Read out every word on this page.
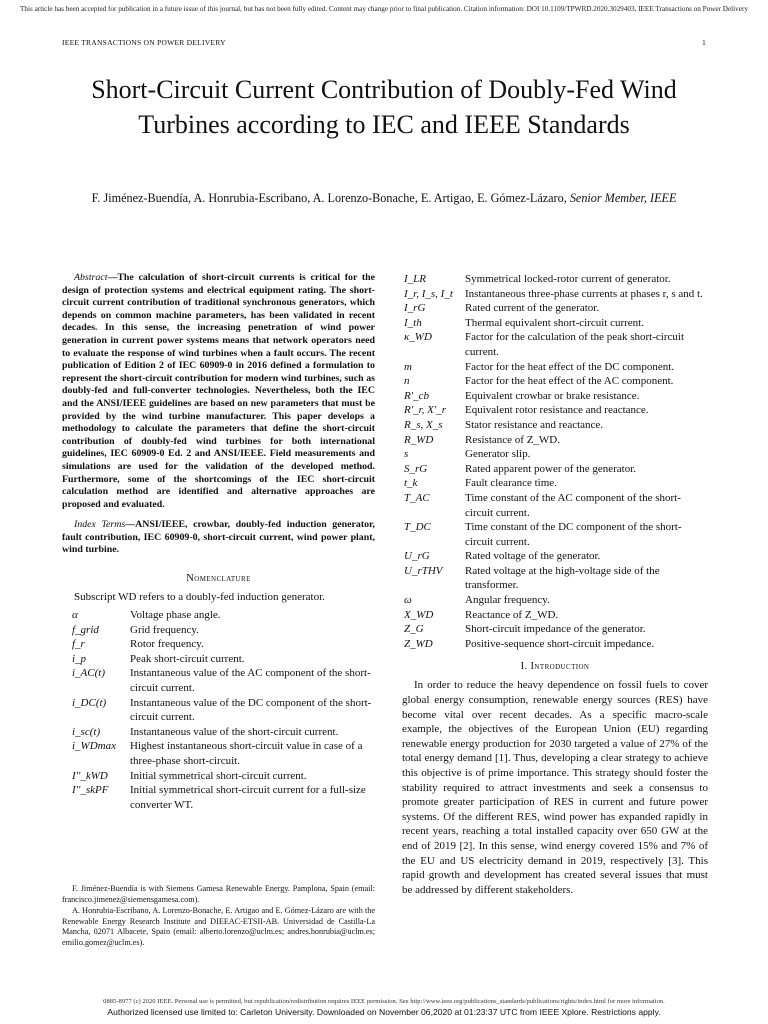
This article has been accepted for publication in a future issue of this journal, but has not been fully edited. Content may change prior to final publication. Citation information: DOI 10.1109/TPWRD.2020.3029403, IEEE Transactions on Power Delivery
IEEE TRANSACTIONS ON POWER DELIVERY	1
Short-Circuit Current Contribution of Doubly-Fed Wind Turbines according to IEC and IEEE Standards
F. Jiménez-Buendía, A. Honrubia-Escribano, A. Lorenzo-Bonache, E. Artigao, E. Gómez-Lázaro, Senior Member, IEEE

Abstract—The calculation of short-circuit currents is critical for the design of protection systems and electrical equipment rating. The short-circuit current contribution of traditional synchronous generators, which depends on common machine parameters, has been validated in recent decades. In this sense, the increasing penetration of wind power generation in current power systems means that network operators need to evaluate the response of wind turbines when a fault occurs. The recent publication of Edition 2 of IEC 60909-0 in 2016 defined a formulation to represent the short-circuit contribution for modern wind turbines, such as doubly-fed and full-converter technologies. Nevertheless, both the IEC and the ANSI/IEEE guidelines are based on new parameters that must be provided by the wind turbine manufacturer. This paper develops a methodology to calculate the parameters that define the short-circuit contribution of doubly-fed wind turbines for both international guidelines, IEC 60909-0 Ed. 2 and ANSI/IEEE. Field measurements and simulations are used for the validation of the developed method. Furthermore, some of the shortcomings of the IEC short-circuit calculation method are identified and alternative approaches are proposed and evaluated.

Index Terms—ANSI/IEEE, crowbar, doubly-fed induction generator, fault contribution, IEC 60909-0, short-circuit current, wind power plant, wind turbine.

Nomenclature
Subscript WD refers to a doubly-fed induction generator.
α	Voltage phase angle.
f_grid	Grid frequency.
f_r	Rotor frequency.
i_p	Peak short-circuit current.
i_AC(t)	Instantaneous value of the AC component of the short-circuit current.
i_DC(t)	Instantaneous value of the DC component of the short-circuit current.
i_sc(t)	Instantaneous value of the short-circuit current.
i_WDmax	Highest instantaneous short-circuit value in case of a three-phase short-circuit.
I''_kWD	Initial symmetrical short-circuit current.
I''_skPF	Initial symmetrical short-circuit current for a full-size converter WT.

F. Jiménez-Buendía is with Siemens Gamesa Renewable Energy. Pamplona, Spain (email: francisco.jimenez@siemensgamesa.com).

A. Honrubia-Escribano, A. Lorenzo-Bonache, E. Artigao and E. Gómez-Lázaro are with the Renewable Energy Research Institute and DIEEAC-ETSII-AB. Universidad de Castilla-La Mancha, 02071 Albacete, Spain (email: alberto.lorenzo@uclm.es; andres.honrubia@uclm.es; emilio.gomez@uclm.es).

I_LR	Symmetrical locked-rotor current of generator.
I_r, I_s, I_t	Instantaneous three-phase currents at phases r, s and t.
I_rG	Rated current of the generator.
I_th	Thermal equivalent short-circuit current.
κ_WD	Factor for the calculation of the peak short-circuit current.
m	Factor for the heat effect of the DC component.
n	Factor for the heat effect of the AC component.
R'_cb	Equivalent crowbar or brake resistance.
R'_r, X'_r	Equivalent rotor resistance and reactance.
R_s, X_s	Stator resistance and reactance.
R_WD	Resistance of Z_WD.
s	Generator slip.
S_rG	Rated apparent power of the generator.
t_k	Fault clearance time.
T_AC	Time constant of the AC component of the short-circuit current.
T_DC	Time constant of the DC component of the short-circuit current.
U_rG	Rated voltage of the generator.
U_rTHV	Rated voltage at the high-voltage side of the transformer.
ω	Angular frequency.
X_WD	Reactance of Z_WD.
Z_G	Short-circuit impedance of the generator.
Z_WD	Positive-sequence short-circuit impedance.
I. Introduction

In order to reduce the heavy dependence on fossil fuels to cover global energy consumption, renewable energy sources (RES) have become vital over recent decades. As a specific macro-scale example, the objectives of the European Union (EU) regarding renewable energy production for 2030 targeted a value of 27% of the total energy demand [1]. Thus, developing a clear strategy to achieve this objective is of prime importance. This strategy should foster the stability required to attract investments and seek a consensus to promote greater participation of RES in current and future power systems. Of the different RES, wind power has expanded rapidly in recent years, reaching a total installed capacity over 650 GW at the end of 2019 [2]. In this sense, wind energy covered 15% and 7% of the EU and US electricity demand in 2019, respectively [3]. This rapid growth and development has created several issues that must be addressed by different stakeholders.

0885-8977 (c) 2020 IEEE. Personal use is permitted, but republication/redistribution requires IEEE permission. See http://www.ieee.org/publications_standards/publications/rights/index.html for more information.
Authorized licensed use limited to: Carleton University. Downloaded on November 06,2020 at 01:23:37 UTC from IEEE Xplore. Restrictions apply.
